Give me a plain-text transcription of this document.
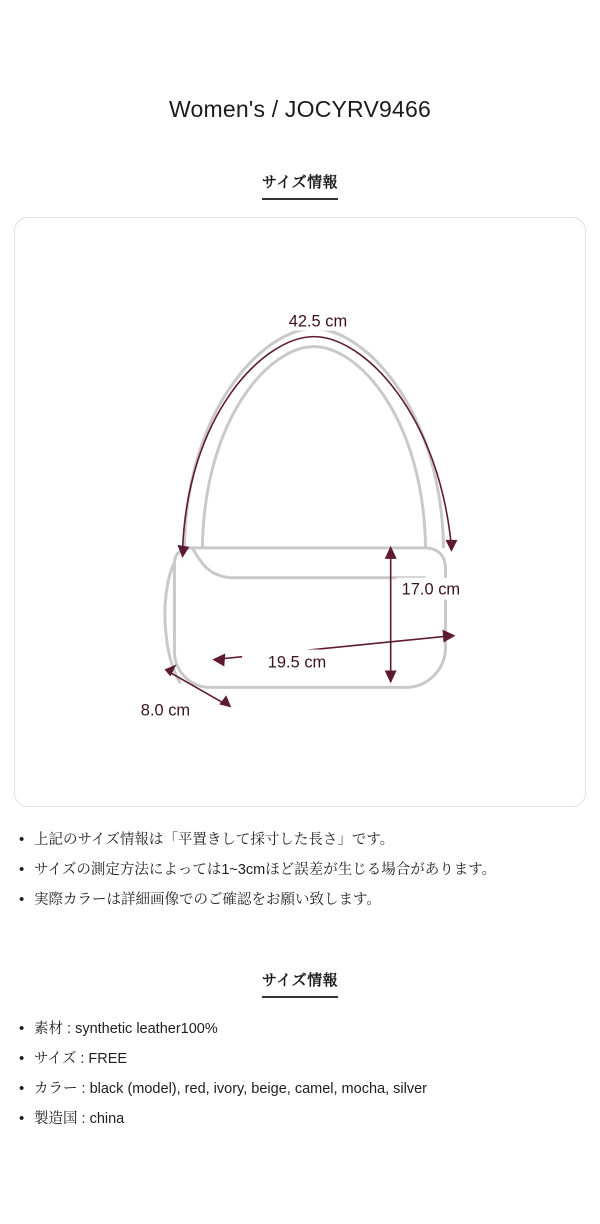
Women's / JOCYRV9466
サイズ情報
42.5 cm
17.0 cm
19.5 cm
8.0 cm
• 上記のサイズ情報は「平置きして採寸した長さ」です。
• サイズの測定方法によっては1~3cmほど誤差が生じる場合があります。
• 実際カラーは詳細画像でのご確認をお願い致します。
サイズ情報
• 素材 : synthetic leather100%
• サイズ : FREE
• カラー : black (model), red, ivory, beige, camel, mocha, silver
• 製造国 : china
